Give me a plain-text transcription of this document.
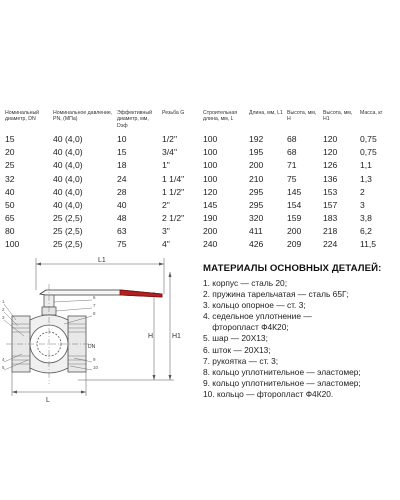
Номинальный диаметр, DN	Номинальное давление, PN, (МПа)	Эффективный диаметр, мм, Dэф	Резьба G	Строительная длина, мм, L	Длина, мм, L1	Высота, мм, H	Высота, мм, H1	Масса, кг
15	40 (4,0)	10	1/2"	100	192	68	120	0,75
20	40 (4,0)	15	3/4"	100	195	68	120	0,75
25	40 (4,0)	18	1"	100	200	71	126	1,1
32	40 (4,0)	24	1 1/4"	100	210	75	136	1,3
40	40 (4,0)	28	1 1/2"	120	295	145	153	2
50	40 (4,0)	40	2"	145	295	154	157	3
65	25 (2,5)	48	2 1/2"	190	320	159	183	3,8
80	25 (2,5)	63	3"	200	411	200	218	6,2
100	25 (2,5)	75	4"	240	426	209	224	11,5
L1
H	H1
L
DN
1
2
3
4
5
6
7
8
9
10
МАТЕРИАЛЫ ОСНОВНЫХ ДЕТАЛЕЙ:
1. корпус — сталь 20;
2. пружина тарельчатая — сталь 65Г;
3. кольцо опорное — ст. 3;
4. седельное уплотнение —
фторопласт Ф4К20;
5. шар — 20Х13;
6. шток — 20Х13;
7. рукоятка — ст. 3;
8. кольцо уплотнительное — эластомер;
9. кольцо уплотнительное — эластомер;
10. кольцо — фторопласт Ф4К20.
